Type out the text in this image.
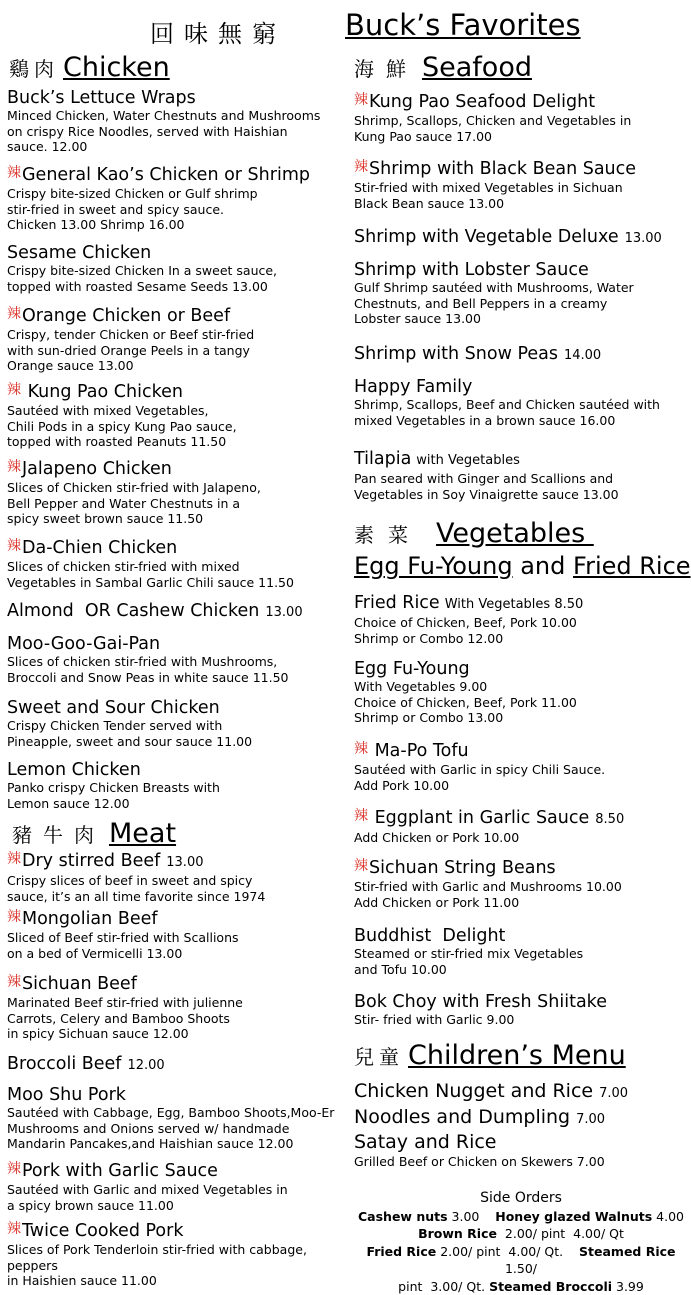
回味無窮 Buck’s Favorites
鷄肉 Chicken
豬牛肉 Meat
Buck’s Lettuce Wraps
Minced Chicken, Water Chestnuts and Mushrooms
on crispy Rice Noodles, served with Haishian
sauce. 12.00
辣General Kao’s Chicken or Shrimp
Crispy bite-sized Chicken or Gulf shrimp
stir-fried in sweet and spicy sauce.
Chicken 13.00 Shrimp 16.00
Sesame Chicken
Crispy bite-sized Chicken In a sweet sauce,
topped with roasted Sesame Seeds 13.00
辣Orange Chicken or Beef
Crispy, tender Chicken or Beef stir-fried
with sun-dried Orange Peels in a tangy
Orange sauce 13.00
辣 Kung Pao Chicken
Sautéed with mixed Vegetables,
Chili Pods in a spicy Kung Pao sauce,
topped with roasted Peanuts 11.50
辣Jalapeno Chicken
Slices of Chicken stir-fried with Jalapeno,
Bell Pepper and Water Chestnuts in a
spicy sweet brown sauce 11.50
辣Da-Chien Chicken
Slices of chicken stir-fried with mixed
Vegetables in Sambal Garlic Chili sauce 11.50
Almond  OR Cashew Chicken 13.00
Moo-Goo-Gai-Pan
Slices of chicken stir-fried with Mushrooms,
Broccoli and Snow Peas in white sauce 11.50
Sweet and Sour Chicken
Crispy Chicken Tender served with
Pineapple, sweet and sour sauce 11.00
Lemon Chicken
Panko crispy Chicken Breasts with
Lemon sauce 12.00
辣Dry stirred Beef 13.00
Crispy slices of beef in sweet and spicy
sauce, it’s an all time favorite since 1974
辣Mongolian Beef
Sliced of Beef stir-fried with Scallions
on a bed of Vermicelli 13.00
辣Sichuan Beef
Marinated Beef stir-fried with julienne
Carrots, Celery and Bamboo Shoots
in spicy Sichuan sauce 12.00
Broccoli Beef 12.00
Moo Shu Pork
Sautéed with Cabbage, Egg, Bamboo Shoots,Moo-Er
Mushrooms and Onions served w/ handmade
Mandarin Pancakes,and Haishian sauce 12.00
辣Pork with Garlic Sauce
Sautéed with Garlic and mixed Vegetables in
a spicy brown sauce 11.00
辣Twice Cooked Pork
Slices of Pork Tenderloin stir-fried with cabbage, peppers
in Haishien sauce 11.00
海鮮 Seafood
素菜 Vegetables
Egg Fu-Young and Fried Rice
兒童 Children’s Menu
Chicken Nugget and Rice 7.00
Noodles and Dumpling 7.00
Satay and Rice
Grilled Beef or Chicken on Skewers 7.00
辣Kung Pao Seafood Delight
Shrimp, Scallops, Chicken and Vegetables in
Kung Pao sauce 17.00
辣Shrimp with Black Bean Sauce
Stir-fried with mixed Vegetables in Sichuan
Black Bean sauce 13.00
Shrimp with Vegetable Deluxe 13.00
Shrimp with Lobster Sauce
Gulf Shrimp sautéed with Mushrooms, Water
Chestnuts, and Bell Peppers in a creamy
Lobster sauce 13.00
Shrimp with Snow Peas 14.00
Happy Family
Shrimp, Scallops, Beef and Chicken sautéed with
mixed Vegetables in a brown sauce 16.00
Tilapia with Vegetables
Pan seared with Ginger and Scallions and
Vegetables in Soy Vinaigrette sauce 13.00
Fried Rice With Vegetables 8.50
Choice of Chicken, Beef, Pork 10.00
Shrimp or Combo 12.00
Egg Fu-Young
With Vegetables 9.00
Choice of Chicken, Beef, Pork 11.00
Shrimp or Combo 13.00
辣 Ma-Po Tofu
Sautéed with Garlic in spicy Chili Sauce.
Add Pork 10.00
辣 Eggplant in Garlic Sauce 8.50
Add Chicken or Pork 10.00
辣Sichuan String Beans
Stir-fried with Garlic and Mushrooms 10.00
Add Chicken or Pork 11.00
Buddhist  Delight
Steamed or stir-fried mix Vegetables
and Tofu 10.00
Bok Choy with Fresh Shiitake
Stir- fried with Garlic 9.00
Side Orders
Cashew nuts 3.00    Honey glazed Walnuts 4.00
Brown Rice  2.00/ pint  4.00/ Qt
Fried Rice 2.00/ pint  4.00/ Qt.    Steamed Rice 1.50/
pint  3.00/ Qt. Steamed Broccoli 3.99
